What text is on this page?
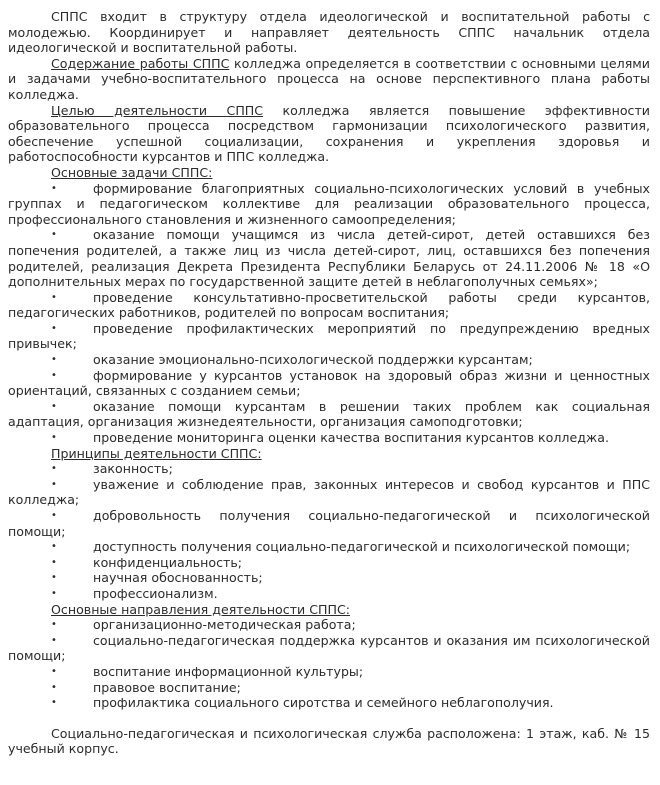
СППС входит в структуру отдела идеологической и воспитательной работы с молодежью. Координирует и направляет деятельность СППС начальник отдела идеологической и воспитательной работы.

Содержание работы СППС колледжа определяется в соответствии с основными целями и задачами учебно-воспитательного процесса на основе перспективного плана работы колледжа.

Целью деятельности СППС колледжа является повышение эффективности образовательного процесса посредством гармонизации психологического развития, обеспечение успешной социализации, сохранения и укрепления здоровья и работоспособности курсантов и ППС колледжа.

Основные задачи СППС:

•	формирование благоприятных социально-психологических условий в учебных группах и педагогическом коллективе для реализации образовательного процесса, профессионального становления и жизненного самоопределения;

•	оказание помощи учащимся из числа детей-сирот, детей оставшихся без попечения родителей, а также лиц из числа детей-сирот, лиц, оставшихся без попечения родителей, реализация Декрета Президента Республики Беларусь от 24.11.2006 № 18 «О дополнительных мерах по государственной защите детей в неблагополучных семьях»;

•	проведение консультативно-просветительской работы среди курсантов, педагогических работников, родителей по вопросам воспитания;

•	проведение профилактических мероприятий по предупреждению вредных привычек;

•	оказание эмоционально-психологической поддержки курсантам;

•	формирование у курсантов установок на здоровый образ жизни и ценностных ориентаций, связанных с созданием семьи;

•	оказание помощи курсантам в решении таких проблем как социальная адаптация, организация жизнедеятельности, организация самоподготовки;

•	проведение мониторинга оценки качества воспитания курсантов колледжа.

Принципы деятельности СППС:

•	законность;

•	уважение и соблюдение прав, законных интересов и свобод курсантов и ППС колледжа;

•	добровольность получения социально-педагогической и психологической помощи;

•	доступность получения социально-педагогической и психологической помощи;

•	конфиденциальность;

•	научная обоснованность;

•	профессионализм.

Основные направления деятельности СППС:

•	организационно-методическая работа;

•	социально-педагогическая поддержка курсантов и оказания им психологической помощи;

•	воспитание информационной культуры;

•	правовое воспитание;

•	профилактика социального сиротства и семейного неблагополучия.

Социально-педагогическая и психологическая служба расположена: 1 этаж, каб. № 15 учебный корпус.
